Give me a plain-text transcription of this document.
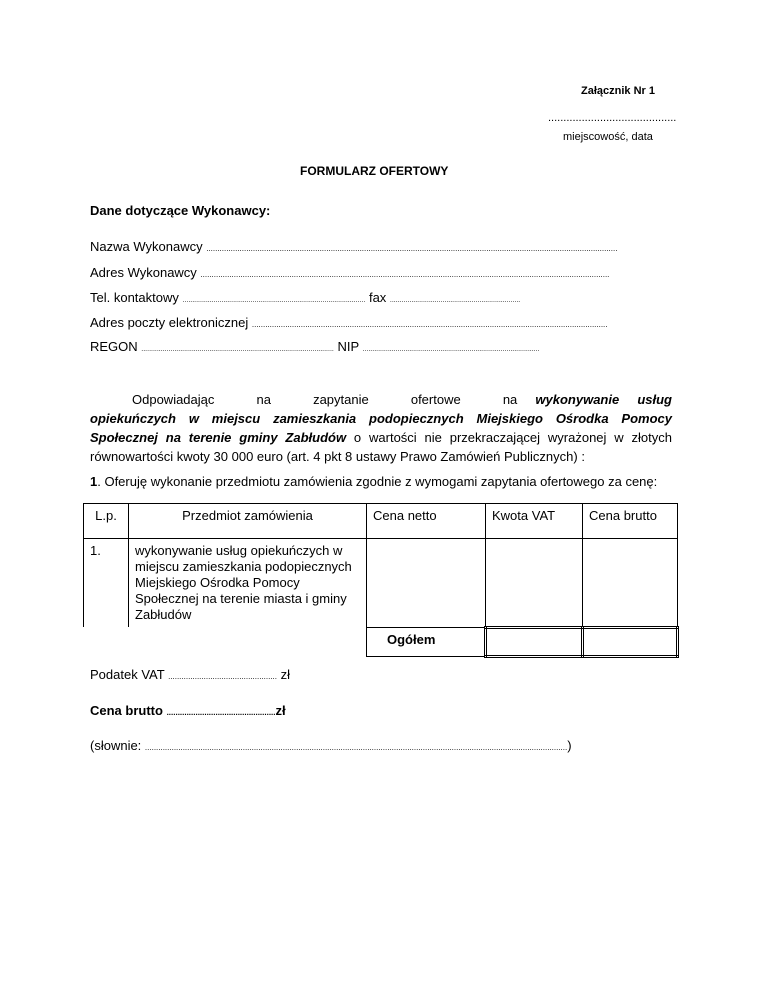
Załącznik Nr 1
..........................................
miejscowość, data
FORMULARZ OFERTOWY
Dane dotyczące Wykonawcy:
Nazwa Wykonawcy .........................................................................................................................................................................................
Adres Wykonawcy ........................................................................................................................................................................................
Tel. kontaktowy .............................................................................................. fax ...................................................................
Adres poczty elektronicznej ................................................................................................................................................................
REGON ................................................................................................... NIP ...........................................................................................
Odpowiadając na zapytanie ofertowe na wykonywanie usług opiekuńczych w miejscu zamieszkania podopiecznych Miejskiego Ośrodka Pomocy Społecznej na terenie gminy Zabłudów o wartości nie przekraczającej wyrażonej w złotych równowartości kwoty 30 000 euro (art. 4 pkt 8 ustawy Prawo Zamówień Publicznych) :
1. Oferuję wykonanie przedmiotu zamówienia zgodnie z wymogami zapytania ofertowego za cenę:
L.p.	Przedmiot zamówienia	Cena netto	Kwota VAT	Cena brutto
1.	wykonywanie usług opiekuńczych w miejscu zamieszkania podopiecznych Miejskiego Ośrodka Pomocy Społecznej na terenie miasta i gminy Zabłudów			
		Ogółem		
Podatek VAT ................................................. zł
Cena brutto .................................................zł
(słownie: ..............................................................................................................................................................................................)
